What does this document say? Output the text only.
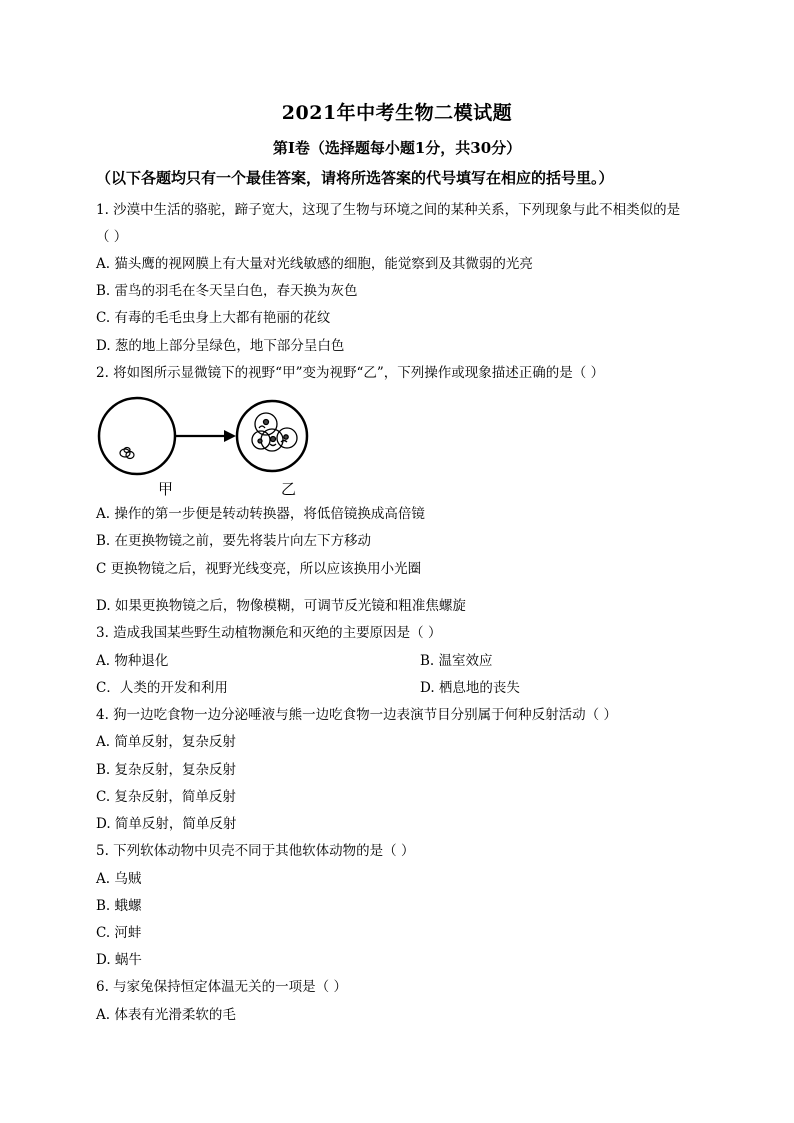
2021年中考生物二模试题
第I卷（选择题每小题1分，共30分）
（以下各题均只有一个最佳答案，请将所选答案的代号填写在相应的括号里。）
1. 沙漠中生活的骆驼，蹄子宽大，这现了生物与环境之间的某种关系，下列现象与此不相类似的是
（ ）
A. 猫头鹰的视网膜上有大量对光线敏感的细胞，能觉察到及其微弱的光亮
B. 雷鸟的羽毛在冬天呈白色，春天换为灰色
C. 有毒的毛毛虫身上大都有艳丽的花纹
D. 葱的地上部分呈绿色，地下部分呈白色
2. 将如图所示显微镜下的视野“甲”变为视野“乙”，下列操作或现象描述正确的是（ ）
甲	乙
A. 操作的第一步便是转动转换器，将低倍镜换成高倍镜
B. 在更换物镜之前，要先将装片向左下方移动
C 更换物镜之后，视野光线变亮，所以应该换用小光圈
D. 如果更换物镜之后，物像模糊，可调节反光镜和粗准焦螺旋
3. 造成我国某些野生动植物濒危和灭绝的主要原因是（ ）
A. 物种退化	B. 温室效应
C．人类的开发和利用	D. 栖息地的丧失
4. 狗一边吃食物一边分泌唾液与熊一边吃食物一边表演节目分别属于何种反射活动（ ）
A. 简单反射，复杂反射
B. 复杂反射，复杂反射
C. 复杂反射，简单反射
D. 简单反射，简单反射
5. 下列软体动物中贝壳不同于其他软体动物的是（ ）
A. 乌贼
B. 蛾螺
C. 河蚌
D. 蜗牛
6. 与家兔保持恒定体温无关的一项是（ ）
A. 体表有光滑柔软的毛
